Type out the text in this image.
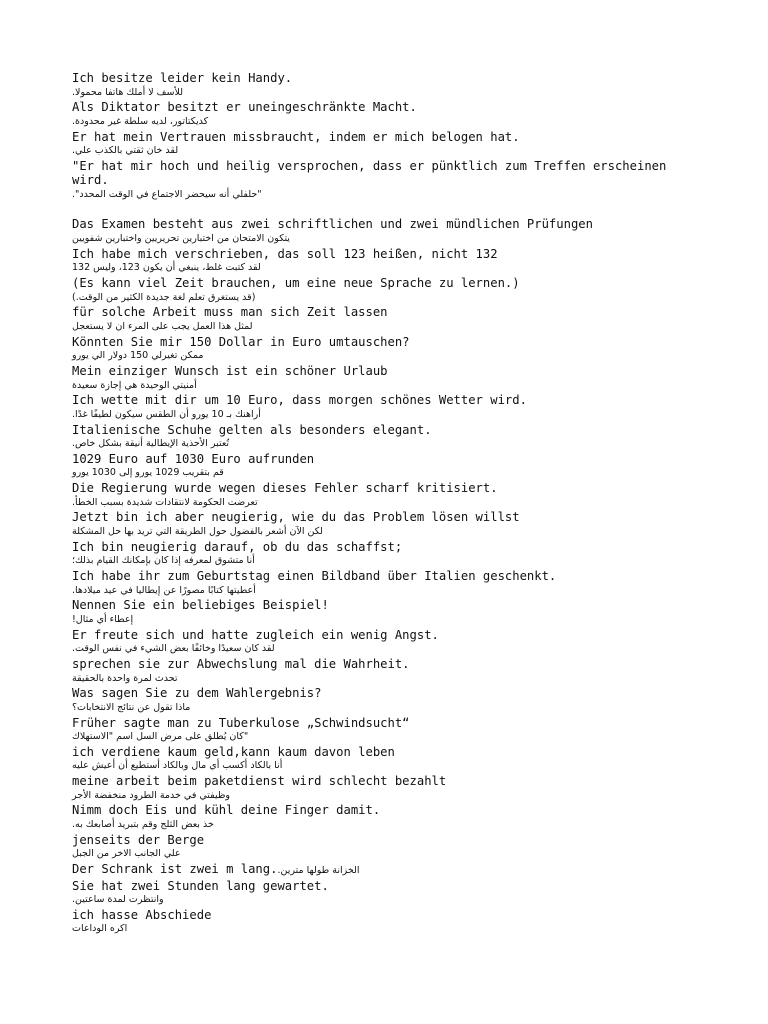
Ich besitze leider kein Handy.
للأسف لا أملك هاتفا محمولا.
Als Diktator besitzt er uneingeschränkte Macht.
كديكتاتور، لديه سلطة غير محدودة.
Er hat mein Vertrauen missbraucht, indem er mich belogen hat.
لقد خان ثقتي بالكذب علي.
"Er hat mir hoch und heilig versprochen, dass er pünktlich zum Treffen erscheinen wird.
"حلفلي أنه سيحضر الاجتماع في الوقت المحدد".
Das Examen besteht aus zwei schriftlichen und zwei mündlichen Prüfungen
يتكون الامتحان من اختبارين تحريريين واختبارين شفويين
Ich habe mich verschrieben, das soll 123 heißen, nicht 132
لقد كتبت غلط، ينبغي أن يكون 123، وليس 132
(Es kann viel Zeit brauchen, um eine neue Sprache zu lernen.)
(قد يستغرق تعلم لغة جديدة الكثير من الوقت.)
für solche Arbeit muss man sich Zeit lassen
لمثل هذا العمل يجب على المرء ان لا يستعجل
Könnten Sie mir 150 Dollar in Euro umtauschen?
ممكن تغيرلي 150 دولار الي يورو
Mein einziger Wunsch ist ein schöner Urlaub
أمنيتي الوحيدة هي إجازة سعيدة
Ich wette mit dir um 10 Euro, dass morgen schönes Wetter wird.
أراهنك بـ 10 يورو أن الطقس سيكون لطيفًا غدًا.
Italienische Schuhe gelten als besonders elegant.
تُعتبر الأحذية الإيطالية أنيقة بشكل خاص.
1029 Euro auf 1030 Euro aufrunden
قم بتقريب 1029 يورو إلى 1030 يورو
Die Regierung wurde wegen dieses Fehler scharf kritisiert.
تعرضت الحكومة لانتقادات شديدة بسبب الخطأ.
Jetzt bin ich aber neugierig, wie du das Problem lösen willst
لكن الآن أشعر بالفضول حول الطريقة التي تريد بها حل المشكلة
Ich bin neugierig darauf, ob du das schaffst;
أنا متشوق لمعرفه إذا كان بإمكانك القيام بذلك؛
Ich habe ihr zum Geburtstag einen Bildband über Italien geschenkt.
أعطيتها كتابًا مصورًا عن إيطاليا في عيد ميلادها.
Nennen Sie ein beliebiges Beispiel!
إعطاء أي مثال!
Er freute sich und hatte zugleich ein wenig Angst.
لقد كان سعيدًا وخائفًا بعض الشيء في نفس الوقت.
sprechen sie zur Abwechslung mal die Wahrheit.
تحدث لمرة واحدة بالحقيقة
Was sagen Sie zu dem Wahlergebnis?
ماذا تقول عن نتائج الانتخابات؟
Früher sagte man zu Tuberkulose „Schwindsucht“
"كان يُطلق على مرض السل اسم "الاستهلاك
ich verdiene kaum geld,kann kaum davon leben
أنا بالكاد أكسب أي مال وبالكاد أستطيع أن أعيش عليه
meine arbeit beim paketdienst wird schlecht bezahlt
وظيفتي في خدمة الطرود منخفضة الأجر
Nimm doch Eis und kühl deine Finger damit.
خذ بعض الثلج وقم بتبريد أصابعك به.
jenseits der Berge
علي الجانب الاخر من الجبل
Der Schrank ist zwei m lang.الخزانة طولها مترين.
Sie hat zwei Stunden lang gewartet.
وانتظرت لمدة ساعتين.
ich hasse Abschiede
اكره الوداعات
